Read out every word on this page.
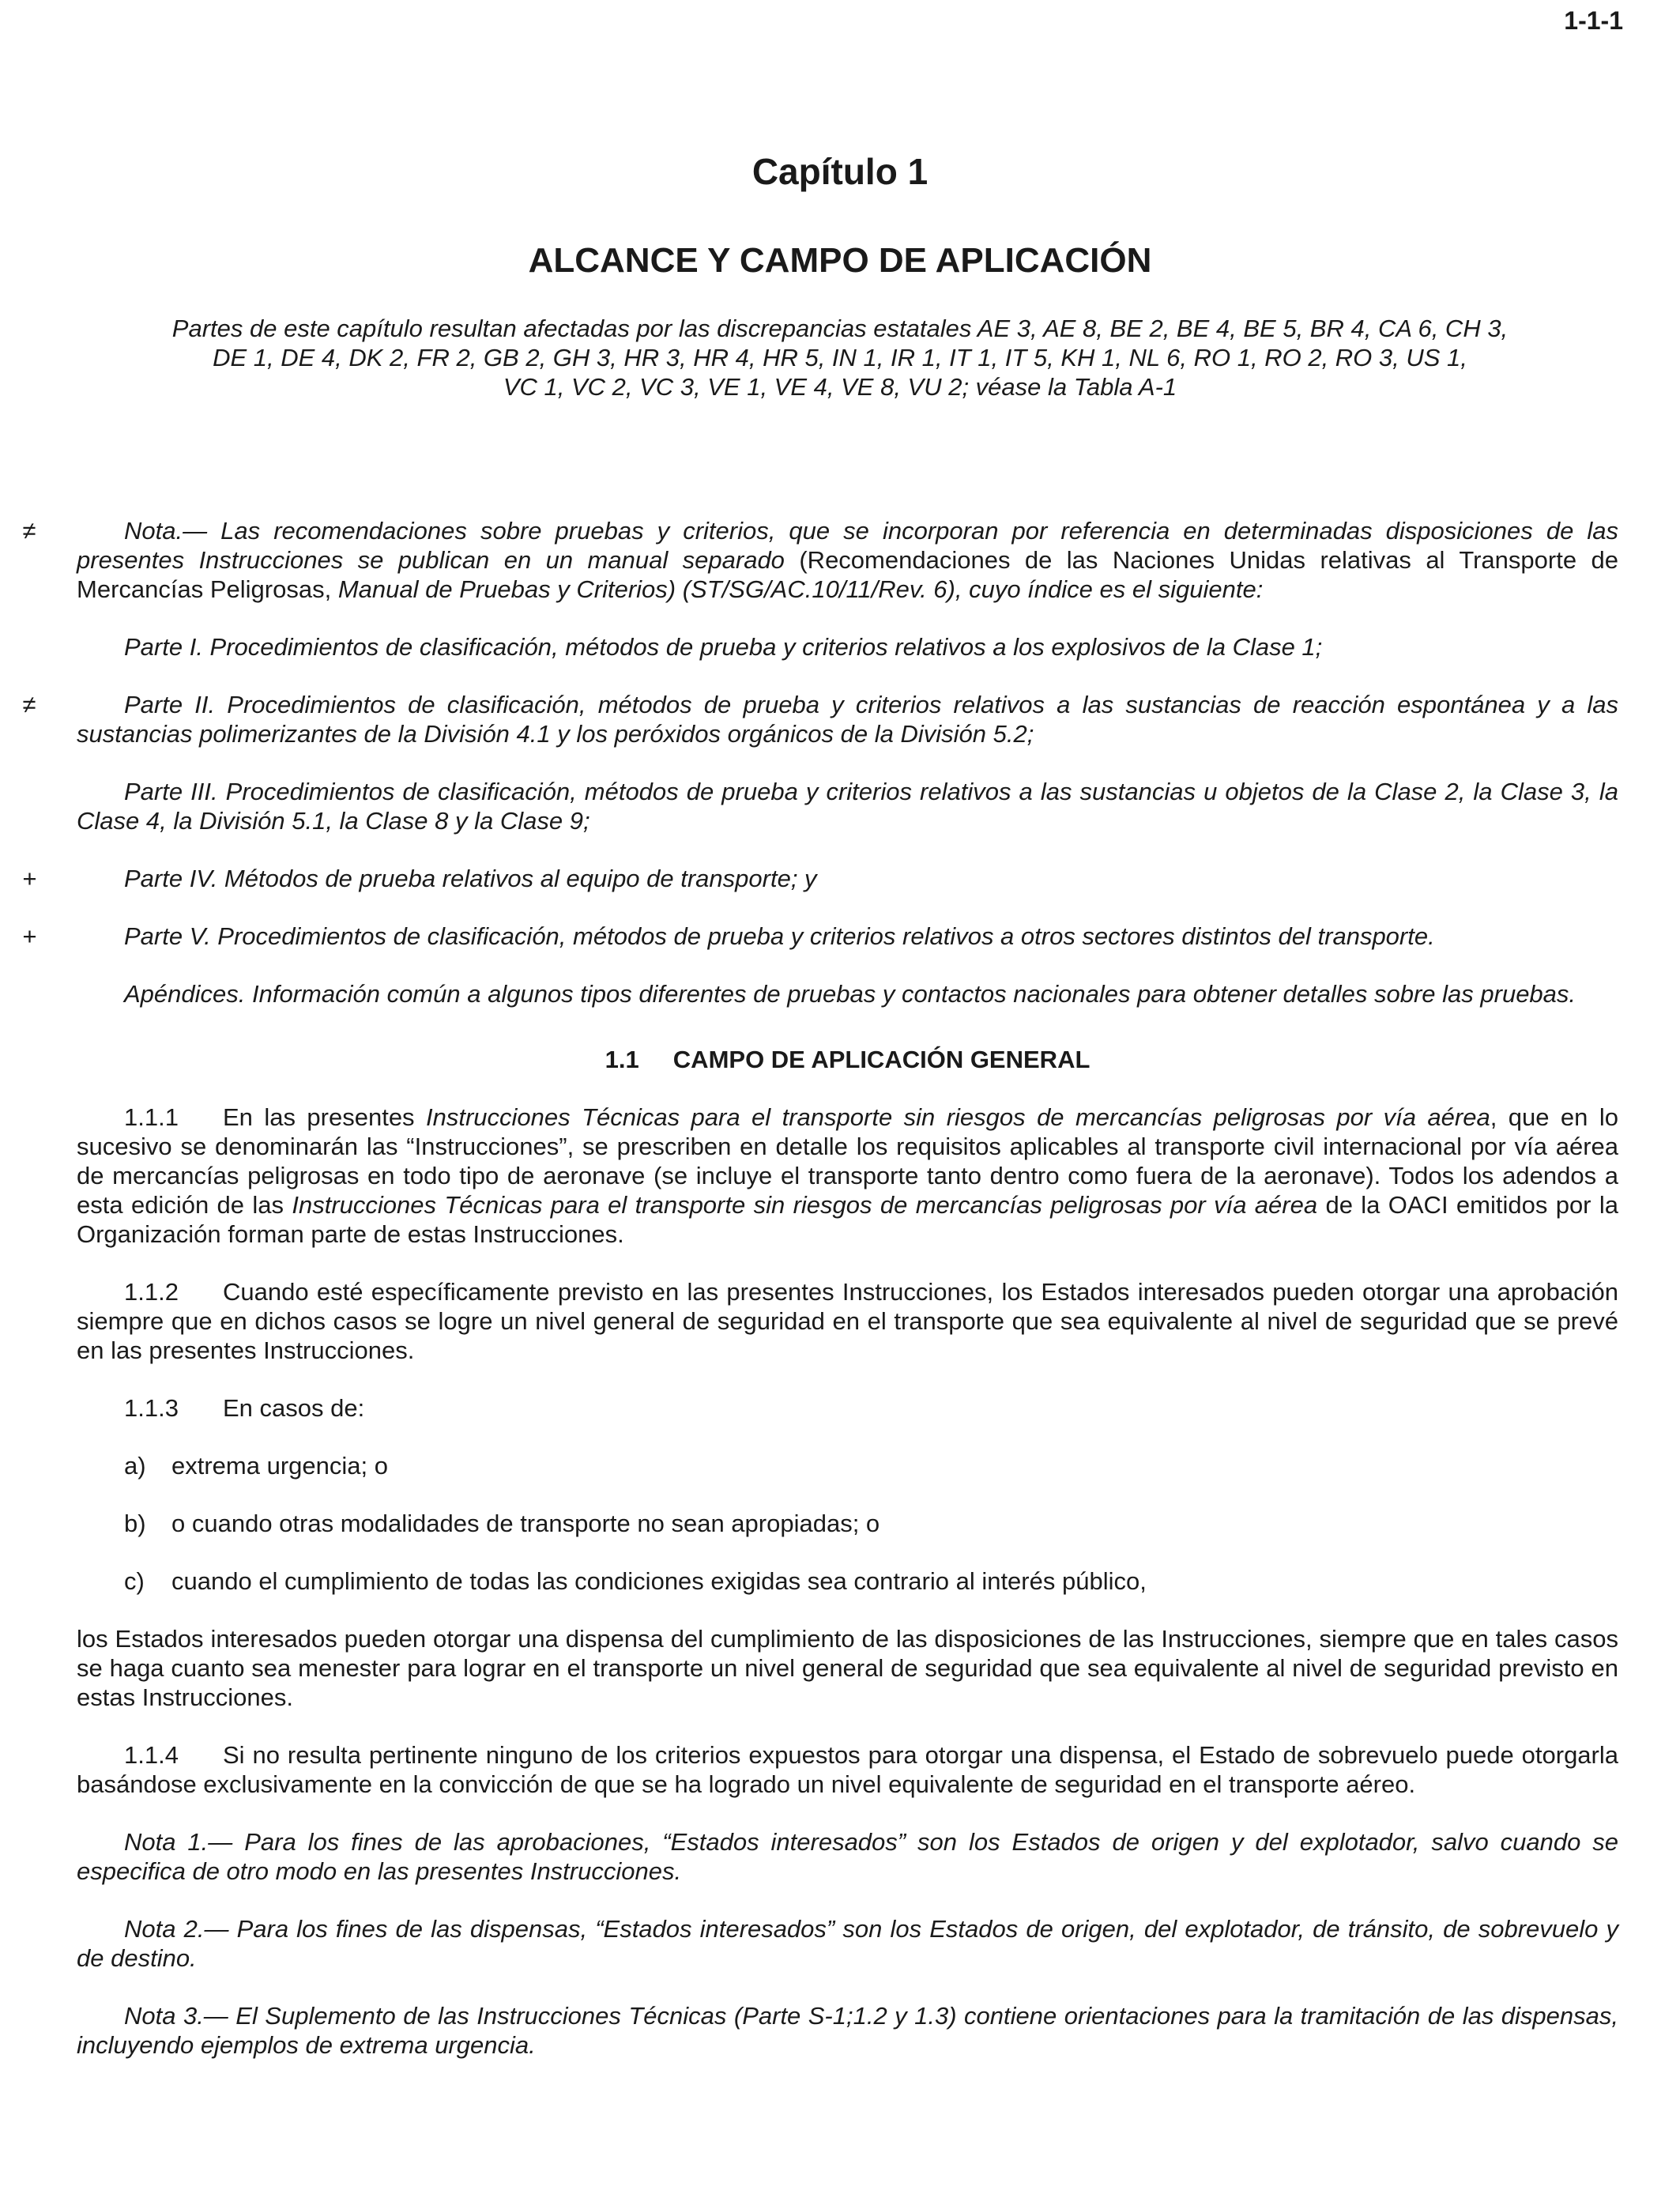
1-1-1
Capítulo 1
ALCANCE Y CAMPO DE APLICACIÓN

Partes de este capítulo resultan afectadas por las discrepancias estatales AE 3, AE 8, BE 2, BE 4, BE 5, BR 4, CA 6, CH 3,
DE 1, DE 4, DK 2, FR 2, GB 2, GH 3, HR 3, HR 4, HR 5, IN 1, IR 1, IT 1, IT 5, KH 1, NL 6, RO 1, RO 2, RO 3, US 1,
VC 1, VC 2, VC 3, VE 1, VE 4, VE 8, VU 2; véase la Tabla A-1

≠	Nota.— Las recomendaciones sobre pruebas y criterios, que se incorporan por referencia en determinadas disposiciones de las presentes Instrucciones se publican en un manual separado (Recomendaciones de las Naciones Unidas relativas al Transporte de Mercancías Peligrosas, Manual de Pruebas y Criterios) (ST/SG/AC.10/11/Rev. 6), cuyo índice es el siguiente:

Parte I. Procedimientos de clasificación, métodos de prueba y criterios relativos a los explosivos de la Clase 1;

≠	Parte II. Procedimientos de clasificación, métodos de prueba y criterios relativos a las sustancias de reacción espontánea y a las sustancias polimerizantes de la División 4.1 y los peróxidos orgánicos de la División 5.2;

Parte III. Procedimientos de clasificación, métodos de prueba y criterios relativos a las sustancias u objetos de la Clase 2, la Clase 3, la Clase 4, la División 5.1, la Clase 8 y la Clase 9;

+	Parte IV. Métodos de prueba relativos al equipo de transporte; y

+	Parte V. Procedimientos de clasificación, métodos de prueba y criterios relativos a otros sectores distintos del transporte.

Apéndices. Información común a algunos tipos diferentes de pruebas y contactos nacionales para obtener detalles sobre las pruebas.

1.1 CAMPO DE APLICACIÓN GENERAL

1.1.1 En las presentes Instrucciones Técnicas para el transporte sin riesgos de mercancías peligrosas por vía aérea, que en lo sucesivo se denominarán las “Instrucciones”, se prescriben en detalle los requisitos aplicables al transporte civil internacional por vía aérea de mercancías peligrosas en todo tipo de aeronave (se incluye el transporte tanto dentro como fuera de la aeronave). Todos los adendos a esta edición de las Instrucciones Técnicas para el transporte sin riesgos de mercancías peligrosas por vía aérea de la OACI emitidos por la Organización forman parte de estas Instrucciones.

1.1.2 Cuando esté específicamente previsto en las presentes Instrucciones, los Estados interesados pueden otorgar una aprobación siempre que en dichos casos se logre un nivel general de seguridad en el transporte que sea equivalente al nivel de seguridad que se prevé en las presentes Instrucciones.

1.1.3 En casos de:

a) extrema urgencia; o

b) o cuando otras modalidades de transporte no sean apropiadas; o

c) cuando el cumplimiento de todas las condiciones exigidas sea contrario al interés público,

los Estados interesados pueden otorgar una dispensa del cumplimiento de las disposiciones de las Instrucciones, siempre que en tales casos se haga cuanto sea menester para lograr en el transporte un nivel general de seguridad que sea equivalente al nivel de seguridad previsto en estas Instrucciones.

1.1.4 Si no resulta pertinente ninguno de los criterios expuestos para otorgar una dispensa, el Estado de sobrevuelo puede otorgarla basándose exclusivamente en la convicción de que se ha logrado un nivel equivalente de seguridad en el transporte aéreo.

Nota 1.— Para los fines de las aprobaciones, “Estados interesados” son los Estados de origen y del explotador, salvo cuando se especifica de otro modo en las presentes Instrucciones.

Nota 2.— Para los fines de las dispensas, “Estados interesados” son los Estados de origen, del explotador, de tránsito, de sobrevuelo y de destino.

Nota 3.— El Suplemento de las Instrucciones Técnicas (Parte S-1;1.2 y 1.3) contiene orientaciones para la tramitación de las dispensas, incluyendo ejemplos de extrema urgencia.
